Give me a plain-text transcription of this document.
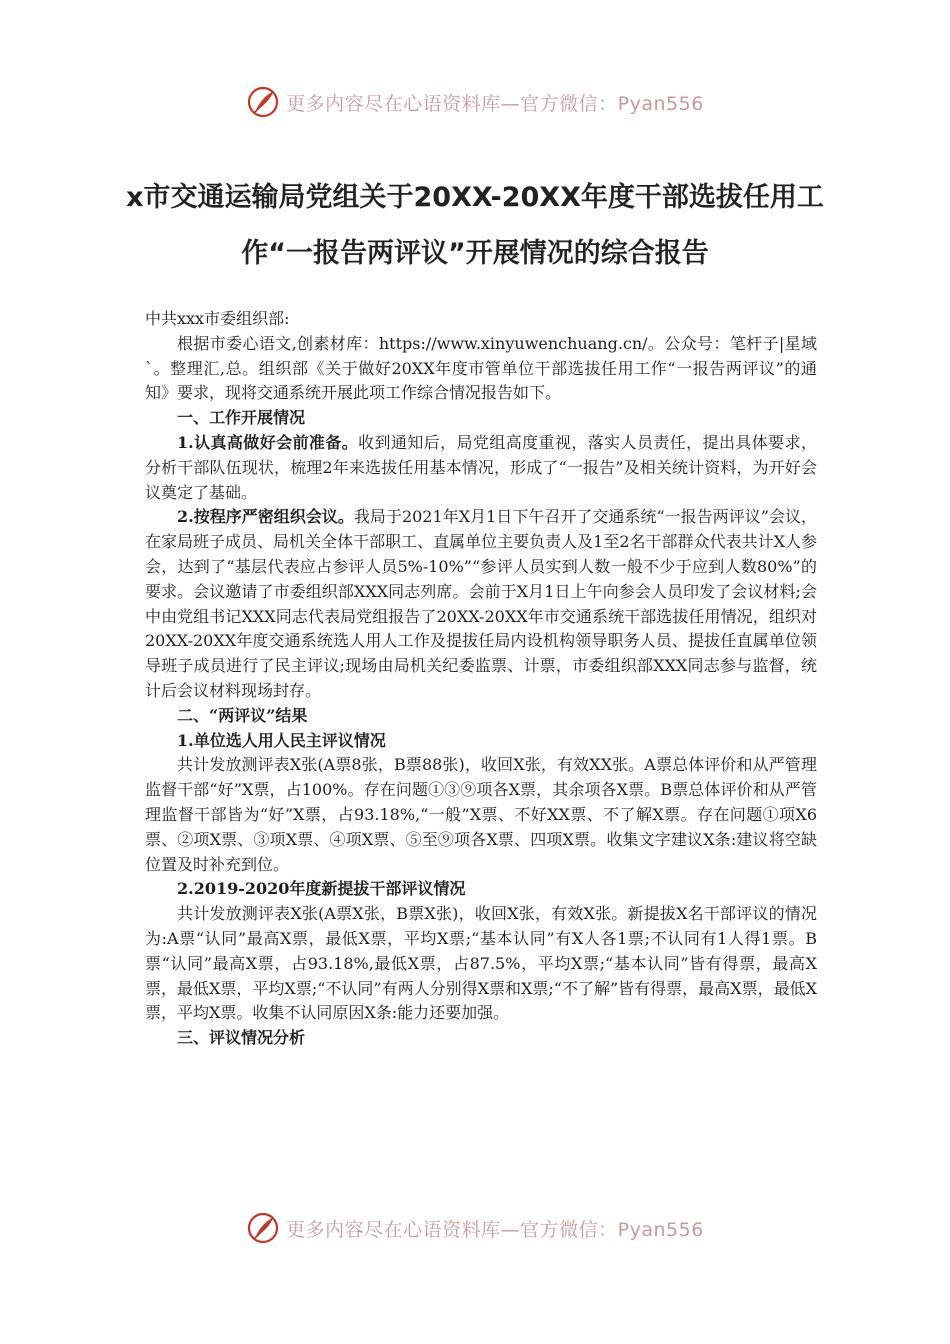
更多内容尽在心语资料库—官方微信：Pyan556
x市交通运输局党组关于20XX-20XX年度干部选拔任用工作“一报告两评议”开展情况的综合报告

中共xxx市委组织部:

根据市委心语文,创素材库：https://www.xinyuwenchuang.cn/。公众号：笔杆子|星域`。整理汇,总。组织部《关于做好20XX年度市管单位干部选拔任用工作“一报告两评议”的通知》要求，现将交通系统开展此项工作综合情况报告如下。

一、工作开展情况

1.认真高做好会前准备。收到通知后，局党组高度重视，落实人员责任，提出具体要求，分析干部队伍现状，梳理2年来选拔任用基本情况，形成了“一报告”及相关统计资料，为开好会议奠定了基础。

2.按程序严密组织会议。我局于2021年X月1日下午召开了交通系统“一报告两评议”会议，在家局班子成员、局机关全体干部职工、直属单位主要负责人及1至2名干部群众代表共计X人参会，达到了“基层代表应占参评人员5%-10%”“参评人员实到人数一般不少于应到人数80%”的要求。会议邀请了市委组织部XXX同志列席。会前于X月1日上午向参会人员印发了会议材料;会中由党组书记XXX同志代表局党组报告了20XX-20XX年市交通系统干部选拔任用情况，组织对20XX-20XX年度交通系统选人用人工作及提拔任局内设机构领导职务人员、提拔任直属单位领导班子成员进行了民主评议;现场由局机关纪委监票、计票，市委组织部XXX同志参与监督，统计后会议材料现场封存。

二、“两评议”结果

1.单位选人用人民主评议情况

共计发放测评表X张(A票8张，B票88张)，收回X张，有效XX张。A票总体评价和从严管理监督干部“好”X票，占100%。存在问题①③⑨项各X票，其余项各X票。B票总体评价和从严管理监督干部皆为“好”X票，占93.18%,“一般”X票、不好XX票、不了解X票。存在问题①项X6票、②项X票、③项X票、④项X票、⑤至⑨项各X票、四项X票。收集文字建议X条:建议将空缺位置及时补充到位。

2.2019-2020年度新提拔干部评议情况

共计发放测评表X张(A票X张，B票X张)，收回X张，有效X张。新提拔X名干部评议的情况为:A票“认同”最高X票，最低X票，平均X票;“基本认同”有X人各1票;不认同有1人得1票。B票“认同”最高X票，占93.18%,最低X票，占87.5%，平均X票;“基本认同”皆有得票，最高X票，最低X票，平均X票;“不认同”有两人分别得X票和X票;“不了解”皆有得票，最高X票，最低X票，平均X票。收集不认同原因X条:能力还要加强。

三、评议情况分析

更多内容尽在心语资料库—官方微信：Pyan556
